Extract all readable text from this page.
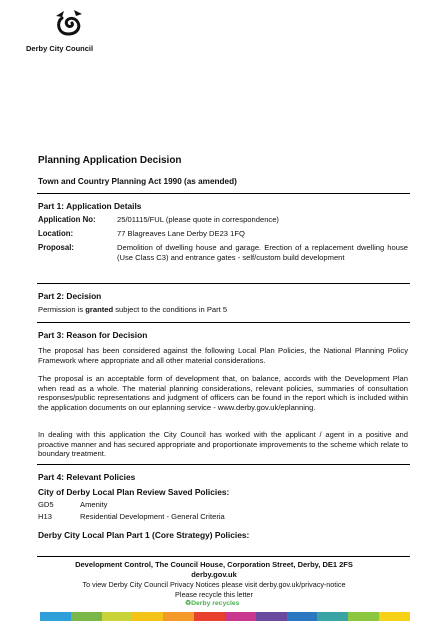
Derby City Council
Planning Application Decision
Town and Country Planning Act 1990 (as amended)
Part 1: Application Details
Application No:	25/01115/FUL (please quote in correspondence)
Location:	77 Blagreaves Lane Derby DE23 1FQ
Proposal:	Demolition of dwelling house and garage. Erection of a replacement dwelling house (Use Class C3) and entrance gates - self/custom build development
Part 2: Decision
Permission is granted subject to the conditions in Part 5
Part 3: Reason for Decision
The proposal has been considered against the following Local Plan Policies, the National Planning Policy Framework where appropriate and all other material considerations.
The proposal is an acceptable form of development that, on balance, accords with the Development Plan when read as a whole. The material planning considerations, relevant policies, summaries of consultation responses/public representations and judgment of officers can be found in the report which is included within the application documents on our eplanning service - www.derby.gov.uk/eplanning.
In dealing with this application the City Council has worked with the applicant / agent in a positive and proactive manner and has secured appropriate and proportionate improvements to the scheme which relate to boundary treatment.
Part 4: Relevant Policies
City of Derby Local Plan Review Saved Policies:
GD5	Amenity
H13	Residential Development - General Criteria
Derby City Local Plan Part 1 (Core Strategy) Policies:
Development Control, The Council House, Corporation Street, Derby, DE1 2FS
derby.gov.uk
To view Derby City Council Privacy Notices please visit derby.gov.uk/privacy-notice
Please recycle this letter
♻Derby recycles
